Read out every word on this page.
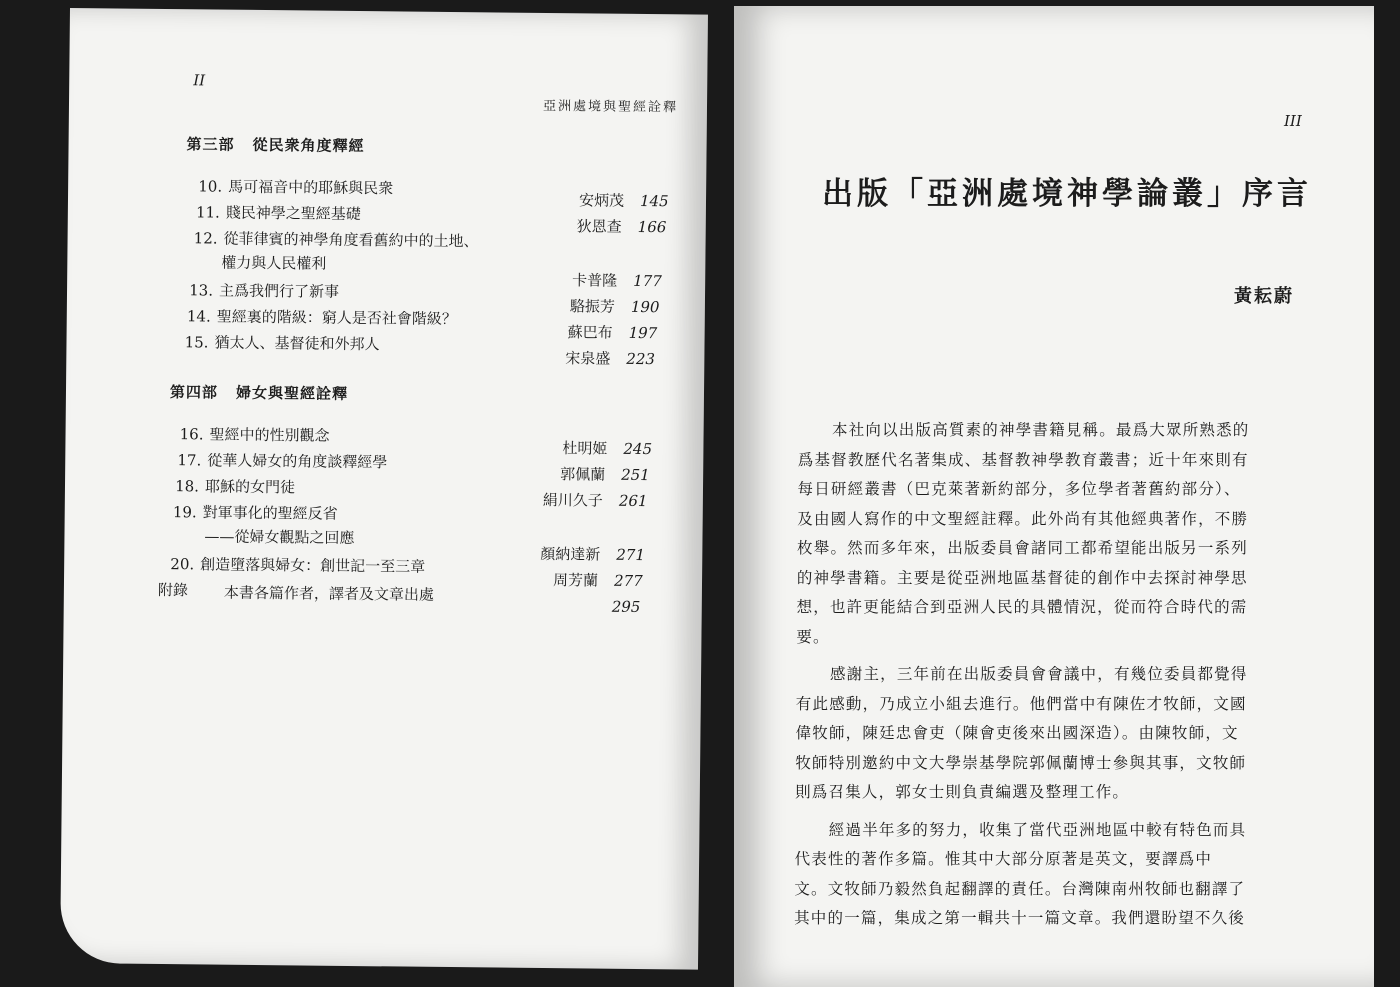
II
亞洲處境與聖經詮釋
第三部 從民衆角度釋經
10. 馬可福音中的耶穌與民衆
11. 賤民神學之聖經基礎
12. 從菲律賓的神學角度看舊約中的土地、
權力與人民權利
13. 主爲我們行了新事
14. 聖經裏的階級：窮人是否社會階級？
15. 猶太人、基督徒和外邦人
安炳茂 145
狄恩查 166
卡普隆 177
駱振芳 190
蘇巴布 197
宋泉盛 223
第四部 婦女與聖經詮釋
16. 聖經中的性別觀念
17. 從華人婦女的角度談釋經學
18. 耶穌的女門徒
19. 對軍事化的聖經反省
——從婦女觀點之回應
20. 創造墮落與婦女：創世記一至三章
杜明姬 245
郭佩蘭 251
絹川久子 261
顏納達新 271
周芳蘭 277
附錄 本書各篇作者，譯者及文章出處
295
III
出版「亞洲處境神學論叢」序言
黃耘蔚
本社向以出版高質素的神學書籍見稱。最爲大眾所熟悉的
爲基督教歷代名著集成、基督教神學教育叢書；近十年來則有
每日研經叢書（巴克萊著新約部分，多位學者著舊約部分）、
及由國人寫作的中文聖經註釋。此外尚有其他經典著作，不勝
枚舉。然而多年來，出版委員會諸同工都希望能出版另一系列
的神學書籍。主要是從亞洲地區基督徒的創作中去探討神學思
想，也許更能結合到亞洲人民的具體情況，從而符合時代的需
要。
感謝主，三年前在出版委員會會議中，有幾位委員都覺得
有此感動，乃成立小組去進行。他們當中有陳佐才牧師，文國
偉牧師，陳廷忠會吏（陳會吏後來出國深造）。由陳牧師，文
牧師特別邀約中文大學崇基學院郭佩蘭博士參與其事，文牧師
則爲召集人，郭女士則負責編選及整理工作。
經過半年多的努力，收集了當代亞洲地區中較有特色而具
代表性的著作多篇。惟其中大部分原著是英文，要譯爲中
文。文牧師乃毅然負起翻譯的責任。台灣陳南州牧師也翻譯了
其中的一篇，集成之第一輯共十一篇文章。我們還盼望不久後
